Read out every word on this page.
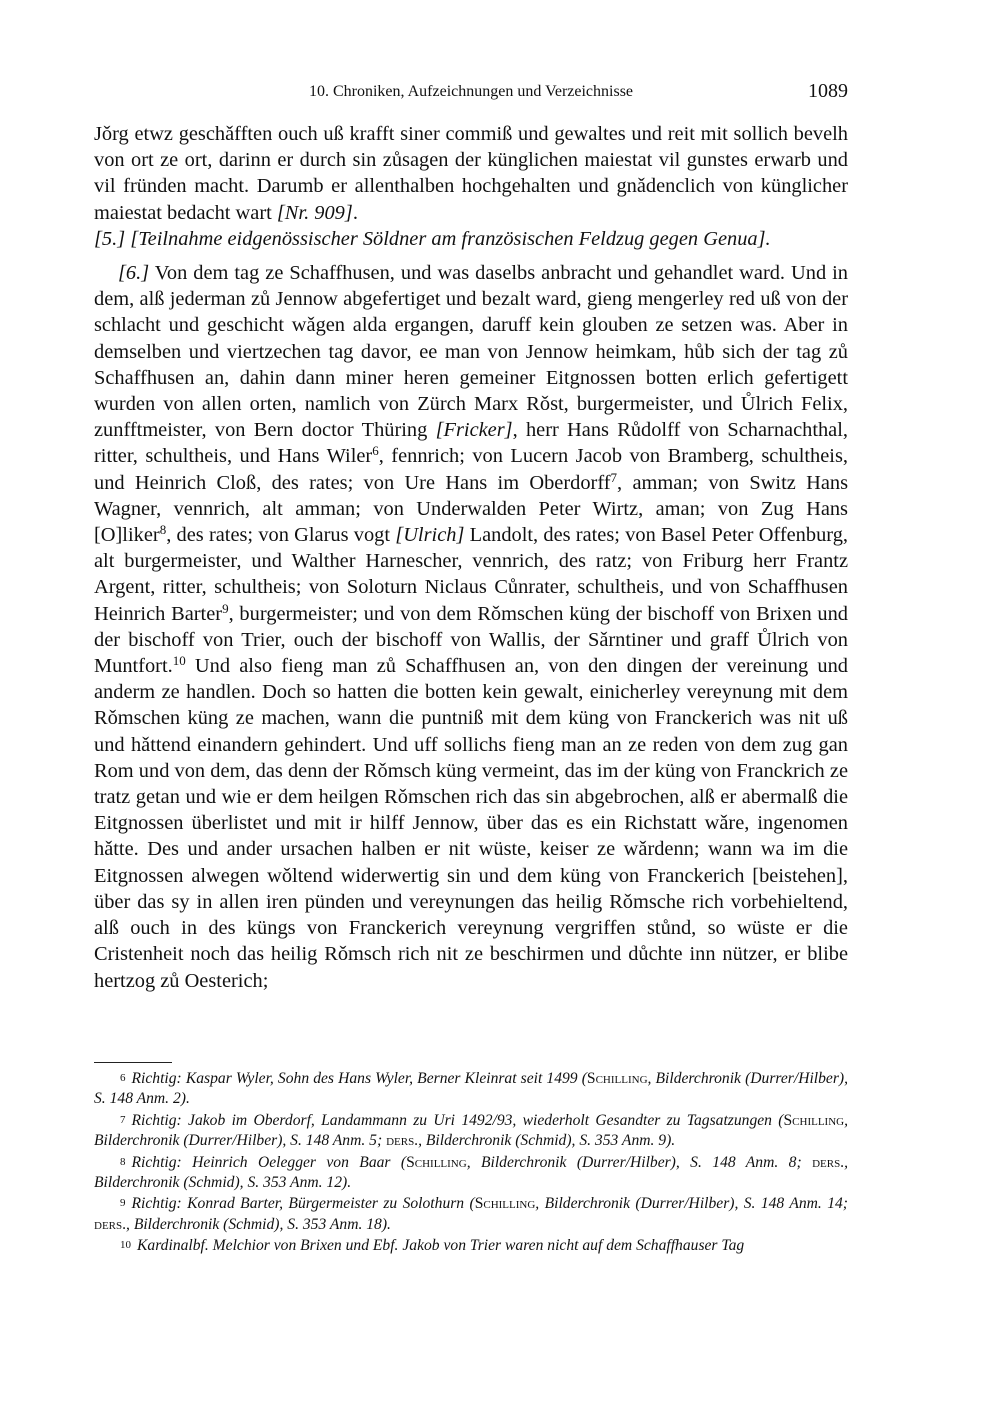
10. Chroniken, Aufzeichnungen und Verzeichnisse	1089

Jǒrg etwz geschǎfften ouch uß krafft siner commiß und gewaltes und reit mit sollich bevelh von ort ze ort, darinn er durch sin zůsagen der künglichen maiestat vil gunstes erwarb und vil fründen macht. Darumb er allenthalben hochgehalten und gnǎdenclich von künglicher maiestat bedacht wart [Nr. 909].

[5.] [Teilnahme eidgenössischer Söldner am französischen Feldzug gegen Genua].

[6.] Von dem tag ze Schaffhusen, und was daselbs anbracht und gehandlet ward. Und in dem, alß jederman zů Jennow abgefertiget und bezalt ward, gieng mengerley red uß von der schlacht und geschicht wǎgen alda ergangen, daruff kein glouben ze setzen was. Aber in demselben und viertzechen tag davor, ee man von Jennow heimkam, hůb sich der tag zů Schaffhusen an, dahin dann miner heren gemeiner Eitgnossen botten erlich gefertigett wurden von allen orten, namlich von Zürch Marx Rǒst, burgermeister, und Ůlrich Felix, zunfftmeister, von Bern doctor Thüring [Fricker], herr Hans Růdolff von Scharnachthal, ritter, schultheis, und Hans Wiler$^6$, fennrich; von Lucern Jacob von Bramberg, schultheis, und Heinrich Cloß, des rates; von Ure Hans im Oberdorff$^7$, amman; von Switz Hans Wagner, vennrich, alt amman; von Underwalden Peter Wirtz, aman; von Zug Hans [O]liker$^8$, des rates; von Glarus vogt [Ulrich] Landolt, des rates; von Basel Peter Offenburg, alt burgermeister, und Walther Harnescher, vennrich, des ratz; von Friburg herr Frantz Argent, ritter, schultheis; von Soloturn Niclaus Cůnrater, schultheis, und von Schaffhusen Heinrich Barter$^9$, burgermeister; und von dem Rǒmschen küng der bischoff von Brixen und der bischoff von Trier, ouch der bischoff von Wallis, der Sǎrntiner und graff Ůlrich von Muntfort.$^{10}$ Und also fieng man zů Schaffhusen an, von den dingen der vereinung und anderm ze handlen. Doch so hatten die botten kein gewalt, einicherley vereynung mit dem Rǒmschen küng ze machen, wann die puntniß mit dem küng von Franckerich was nit uß und hǎttend einandern gehindert. Und uff sollichs fieng man an ze reden von dem zug gan Rom und von dem, das denn der Rǒmsch küng vermeint, das im der küng von Franckrich ze tratz getan und wie er dem heilgen Rǒmschen rich das sin abgebrochen, alß er abermalß die Eitgnossen überlistet und mit ir hilff Jennow, über das es ein Richstatt wǎre, ingenomen hǎtte. Des und ander ursachen halben er nit wüste, keiser ze wǎrdenn; wann wa im die Eitgnossen alwegen wǒltend widerwertig sin und dem küng von Franckerich [beistehen], über das sy in allen iren pünden und vereynungen das heilig Rǒmsche rich vorbehieltend, alß ouch in des küngs von Franckerich vereynung vergriffen stůnd, so wüste er die Cristenheit noch das heilig Rǒmsch rich nit ze beschirmen und důchte inn nützer, er blibe hertzog zů Oesterich;

6 Richtig: Kaspar Wyler, Sohn des Hans Wyler, Berner Kleinrat seit 1499 (Schilling, Bilderchronik (Durrer/Hilber), S. 148 Anm. 2).

7 Richtig: Jakob im Oberdorf, Landammann zu Uri 1492/93, wiederholt Gesandter zu Tagsatzungen (Schilling, Bilderchronik (Durrer/Hilber), S. 148 Anm. 5; ders., Bilderchronik (Schmid), S. 353 Anm. 9).

8 Richtig: Heinrich Oelegger von Baar (Schilling, Bilderchronik (Durrer/Hilber), S. 148 Anm. 8; ders., Bilderchronik (Schmid), S. 353 Anm. 12).

9 Richtig: Konrad Barter, Bürgermeister zu Solothurn (Schilling, Bilderchronik (Durrer/Hilber), S. 148 Anm. 14; ders., Bilderchronik (Schmid), S. 353 Anm. 18).

10 Kardinalbf. Melchior von Brixen und Ebf. Jakob von Trier waren nicht auf dem Schaffhauser Tag
